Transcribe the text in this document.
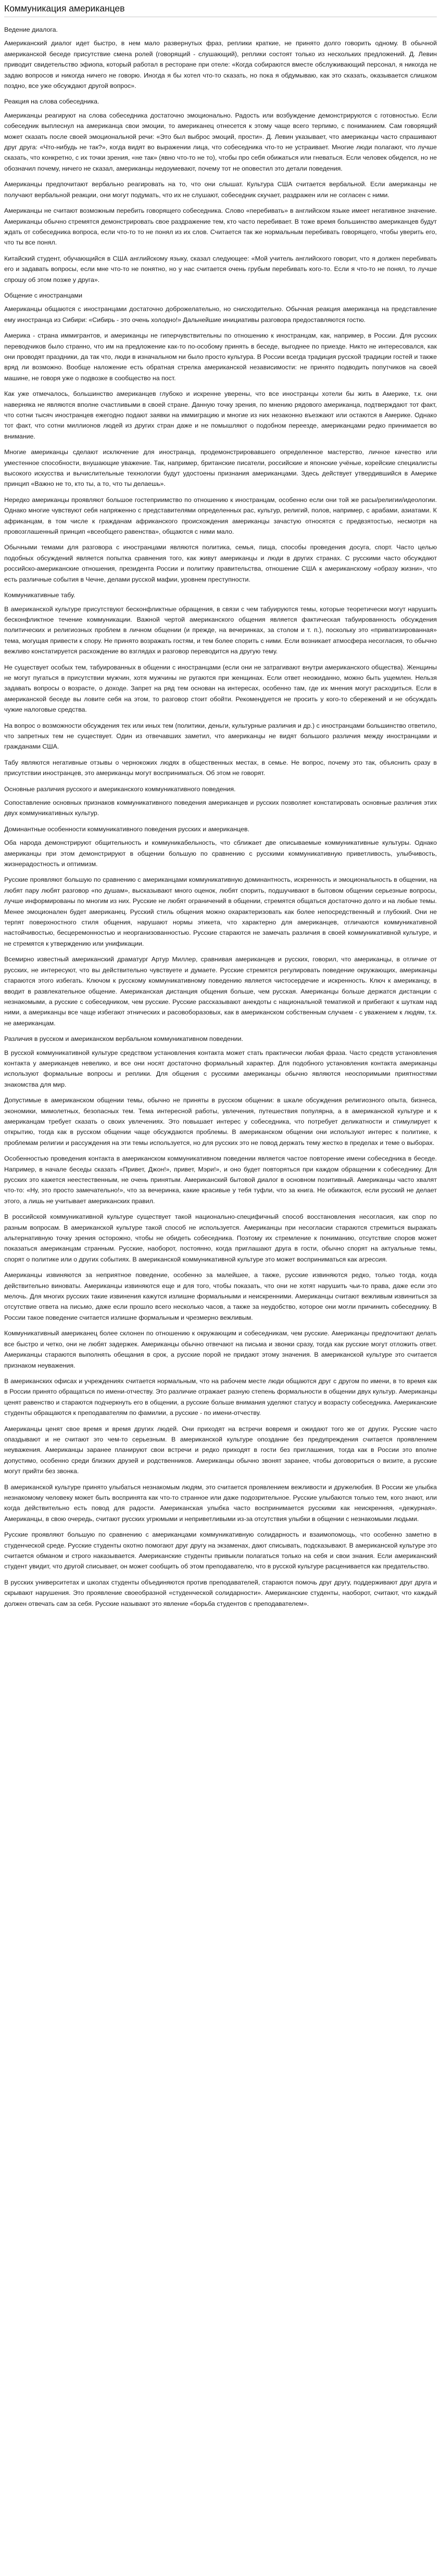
Коммуникация американцев

Ведение диалога.

Американский диалог идет быстро, в нем мало развернутых фраз, реплики краткие, не принято долго говорить одному. В обычной американской беседе присутствие смена ролей (говорящий - слушающий), реплики состоят только из нескольких предложений. Д. Левин приводит свидетельство эфиопа, который работал в ресторане при отеле: «Когда собираются вместе обслуживающий персонал, я никогда не задаю вопросов и никогда ничего не говорю. Иногда я бы хотел что-то сказать, но пока я обдумываю, как это сказать, оказывается слишком поздно, все уже обсуждают другой вопрос».

Реакция на слова собеседника.

Американцы реагируют на слова собеседника достаточно эмоционально. Радость или возбуждение демонстрируются с готовностью. Если собеседник выплеснул на американца свои эмоции, то американец отнесется к этому чаще всего терпимо, с пониманием. Сам говорящий может сказать после своей эмоциональной речи: «Это был выброс эмоций, прости». Д. Левин указывает, что американцы часто спрашивают друг друга: «Что-нибудь не так?», когда видят во выражении лица, что собеседника что-то не устраивает. Многие люди полагают, что лучше сказать, что конкретно, с их точки зрения, «не так» (явно что-то не то), чтобы про себя обижаться или гневаться. Если человек обиделся, но не обозначил почему, ничего не сказал, американцы недоумевают, почему тот не оповестил это детали поведения.

Американцы предпочитают вербально реагировать на то, что они слышат. Культура США считается вербальной. Если американцы не получают вербальной реакции, они могут подумать, что их не слушают, собеседник скучает, раздражен или не согласен с ними.

Американцы не считают возможным перебить говорящего собеседника. Слово «перебивать» в английском языке имеет негативное значение. Американцы обычно стремятся демонстрировать свое раздражение тем, кто часто перебивает. В тоже время большинство американцев будут ждать от собеседника вопроса, если что-то то не понял из их слов. Считается так же нормальным перебивать говорящего, чтобы уверить его, что ты все понял.

Китайский студент, обучающийся в США английскому языку, сказал следующее: «Мой учитель английского говорит, что я должен перебивать его и задавать вопросы, если мне что-то не понятно, но у нас считается очень грубым перебивать кого-то. Если я что-то не понял, то лучше спрошу об этом позже у друга».

Общение с иностранцами

Американцы общаются с иностранцами достаточно доброжелательно, но снисходительно. Обычная реакция американца на представление ему иностранца из Сибири: «Сибирь - это очень холодно!» Дальнейшие инициативы разговора предоставляются гостю.

Америка - страна иммигрантов, и американцы не гиперчувствительны по отношению к иностранцам, как, например, в России. Для русских переводчиков было странно, что им на предложение как-то по-особому принять в беседе, выгоднее по приезде. Никто не интересовался, как они проводят праздники, да так что, люди в изначальном ни было просто культура. В России всегда традиция русской традиции гостей и также вряд ли возможно. Вообще наложение есть обратная стрелка американской независимости: не принято подводить попутчиков на своей машине, не говоря уже о подвозке в сообщество на пост.

Как уже отмечалось, большинство американцев глубоко и искренне уверены, что все иностранцы хотели бы жить в Америке, т.к. они наверняка не являются вполне счастливыми в своей стране. Данную точку зрения, по мнению рядового американца, подтверждают тот факт, что сотни тысяч иностранцев ежегодно подают заявки на иммиграцию и многие из них незаконно въезжают или остаются в Америке. Однако тот факт, что сотни миллионов людей из других стран даже и не помышляют о подобном переезде, американцами редко принимается во внимание.

Многие американцы сделают исключение для иностранца, продемонстрировавшего определенное мастерство, личное качество или уместенное способности, внушающие уважение. Так, например, британские писатели, российские и японские учёные, корейские специалисты высокого искусства и вычислительные технологии будут удостоены признания американцами. Здесь действует утвердившийся в Америке принцип «Важно не то, кто ты, а то, что ты делаешь».

Нередко американцы проявляют большое гостеприимство по отношению к иностранцам, особенно если они той же расы/религии/идеологии. Однако многие чувствуют себя напряженно с представителями определенных рас, культур, религий, полов, например, с арабами, азиатами. К африканцам, в том числе к гражданам африканского происхождения американцы зачастую относятся с предвзятостью, несмотря на провозглашенный принцип «всеобщего равенства», общаются с ними мало.

Обычными темами для разговора с иностранцами являются политика, семья, пища, способы проведения досуга, спорт. Часто целью подобных обсуждений является попытка сравнения того, как живут американцы и люди в других странах. С русскими часто обсуждают российско-американские отношения, президента России и политику правительства, отношение США к американскому «образу жизни», что есть различные события в Чечне, делами русской мафии, уровнем преступности.

Коммуникативные табу.

В американской культуре присутствуют бесконфликтные обращения, в связи с чем табуируются темы, которые теоретически могут нарушить бесконфликтное течение коммуникации. Важной чертой американского общения является фактическая табуированность обсуждения политических и религиозных проблем в личном общении (и прежде, на вечеринках, за столом и т. п.), поскольку это «приватизированная» тема, могущая привести к спору. Не принято возражать гостям, и тем более спорить с ними. Если возникает атмосфера несогласия, то обычно вежливо констатируется расхождение во взглядах и разговор переводится на другую тему.

Не существует особых тем, табуированных в общении с иностранцами (если они не затрагивают внутри американского общества). Женщины не могут пугаться в присутствии мужчин, хотя мужчины не ругаются при женщинах. Если ответ неожиданно, можно быть ущемлен. Нельзя задавать вопросы о возрасте, о доходе. Запрет на ряд тем основан на интересах, особенно там, где их мнения могут расходиться. Если в американской беседе вы ловите себя на этом, то разговор стоит обойти. Рекомендуется не просить у кого-то сбережений и не обсуждать чужие налоговые средства.

На вопрос о возможности обсуждения тех или иных тем (политики, деньги, культурные различия и др.) с иностранцами большинство ответило, что запретных тем не существует. Один из отвечавших заметил, что американцы не видят большого различия между иностранцами и гражданами США.

Табу являются негативные отзывы о чернокожих людях в общественных местах, в семье. Не вопрос, почему это так, объяснить сразу в присутствии иностранцев, это американцы могут восприниматься. Об этом не говорят.

Основные различия русского и американского коммуникативного поведения.

Сопоставление основных признаков коммуникативного поведения американцев и русских позволяет констатировать основные различия этих двух коммуникативных культур.

Доминантные особенности коммуникативного поведения русских и американцев.

Оба народа демонстрируют общительность и коммуникабельность, что сближает две описываемые коммуникативные культуры. Однако американцы при этом демонстрируют в общении большую по сравнению с русскими коммуникативную приветливость, улыбчивость, жизнерадостность и оптимизм.

Русские проявляют большую по сравнению с американцами коммуникативную доминантность, искренность и эмоциональность в общении, на любят пару любят разговор «по душам», высказывают много оценок, любят спорить, подшучивают в бытовом общении серьезные вопросы, лучше информированы по многим из них. Русские не любят ограничений в общении, стремятся общаться достаточно долго и на любые темы. Менее эмоционален будет американец. Русский стиль общения можно охарактеризовать как более непосредственный и глубокий. Они не терпят поверхностного стиля общения, нарушают нормы этикета, что характерно для американцев, отличаются коммуникативной настойчивостью, бесцеремонностью и неорганизованностью. Русские стараются не замечать различия в своей коммуникативной культуре, и не стремятся к утверждению или унификации.

Всемирно известный американский драматург Артур Миллер, сравнивая американцев и русских, говорил, что американцы, в отличие от русских, не интересуют, что вы действительно чувствуете и думаете. Русские стремятся регулировать поведение окружающих, американцы стараются этого избегать. Ключом к русскому коммуникативному поведению является чистосердечие и искренность. Ключ к американцу, в вводит в развлекательное общение. Американская дистанция общения больше, чем русская. Американцы больше держатся дистанции с незнакомыми, а русские с собеседником, чем русские. Русские рассказывают анекдоты с национальной тематикой и прибегают к шуткам над ними, а американцы все чаще избегают этнических и расовоборазовых, как в американском собственным случаем - с уважением к людям, т.к. не американцам.

Различия в русском и американском вербальном коммуникативном поведении.

В русской коммуникативной культуре средством установления контакта может стать практически любая фраза. Часто средств установления контакта у американцев невелико, и все они носят достаточно формальный характер. Для подобного установления контакта американцы используют формальные вопросы и реплики. Для общения с русскими американцы обычно являются неоспоримыми приятностями знакомства для мир.

Допустимые в американском общении темы, обычно не приняты в русском общении: в шкале обсуждения религиозного опыта, бизнеса, экономики, мимолетных, безопасных тем. Тема интересной работы, увлечения, путешествия популярна, а в американской культуре и к американцам требует сказать о своих увлечениях. Это повышает интерес у собеседника, что потребует деликатности и стимулирует к открытию, тогда как в русском общении чаще обсуждаются проблемы. В американском общении они используют интерес к политике, к проблемам религии и рассуждения на эти темы используется, но для русских это не повод держать тему жестко в пределах и теме о выборах.

Особенностью проведения контакта в американском коммуникативном поведении является частое повторение имени собеседника в беседе. Например, в начале беседы сказать «Привет, Джон!», привет, Мэри!», и оно будет повторяться при каждом обращении к собеседнику. Для русских это кажется неестественным, не очень принятым. Американский бытовой диалог в основном позитивный. Американцы часто хвалят что-то: «Ну, это просто замечательно!», что за вечеринка, какие красивые у тебя туфли, что за книга. Не обижаются, если русский не делает этого, а лишь не учитывает американских правил.

В российской коммуникативной культуре существует такой национально-специфичный способ восстановления несогласия, как спор по разным вопросам. В американской культуре такой способ не используется. Американцы при несогласии стараются стремиться выражать альтернативную точку зрения осторожно, чтобы не обидеть собеседника. Поэтому их стремление к пониманию, отсутствие споров может показаться американцам странным. Русские, наоборот, постоянно, когда приглашают друга в гости, обычно спорят на актуальные темы, спорят о политике или о других событиях. В американской коммуникативной культуре это может восприниматься как агрессия.

Американцы извиняются за неприятное поведение, особенно за малейшее, а также, русские извиняются редко, только тогда, когда действительно виноваты. Американцы извиняются еще и для того, чтобы показать, что они не хотят нарушить чьи-то права, даже если это мелочь. Для многих русских такие извинения кажутся излишне формальными и неискренними. Американцы считают вежливым извиниться за отсутствие ответа на письмо, даже если прошло всего несколько часов, а также за неудобство, которое они могли причинить собеседнику. В России такое поведение считается излишне формальным и чрезмерно вежливым.

Коммуникативный американец более склонен по отношению к окружающим и собеседникам, чем русские. Американцы предпочитают делать все быстро и четко, они не любят задержек. Американцы обычно отвечают на письма и звонки сразу, тогда как русские могут отложить ответ. Американцы стараются выполнять обещания в срок, а русские порой не придают этому значения. В американской культуре это считается признаком неуважения.

В американских офисах и учреждениях считается нормальным, что на рабочем месте люди общаются друг с другом по имени, в то время как в России принято обращаться по имени-отчеству. Это различие отражает разную степень формальности в общении двух культур. Американцы ценят равенство и стараются подчеркнуть его в общении, а русские больше внимания уделяют статусу и возрасту собеседника. Американские студенты обращаются к преподавателям по фамилии, а русские - по имени-отчеству.

Американцы ценят свое время и время других людей. Они приходят на встречи вовремя и ожидают того же от других. Русские часто опаздывают и не считают это чем-то серьезным. В американской культуре опоздание без предупреждения считается проявлением неуважения. Американцы заранее планируют свои встречи и редко приходят в гости без приглашения, тогда как в России это вполне допустимо, особенно среди близких друзей и родственников. Американцы обычно звонят заранее, чтобы договориться о визите, а русские могут прийти без звонка.

В американской культуре принято улыбаться незнакомым людям, это считается проявлением вежливости и дружелюбия. В России же улыбка незнакомому человеку может быть воспринята как что-то странное или даже подозрительное. Русские улыбаются только тем, кого знают, или когда действительно есть повод для радости. Американская улыбка часто воспринимается русскими как неискренняя, «дежурная». Американцы, в свою очередь, считают русских угрюмыми и неприветливыми из-за отсутствия улыбки в общении с незнакомыми людьми.

Русские проявляют большую по сравнению с американцами коммуникативную солидарность и взаимопомощь, что особенно заметно в студенческой среде. Русские студенты охотно помогают друг другу на экзаменах, дают списывать, подсказывают. В американской культуре это считается обманом и строго наказывается. Американские студенты привыкли полагаться только на себя и свои знания. Если американский студент увидит, что другой списывает, он может сообщить об этом преподавателю, что в русской культуре расценивается как предательство.

В русских университетах и школах студенты объединяются против преподавателей, стараются помочь друг другу, поддерживают друг друга и скрывают нарушения. Это проявление своеобразной «студенческой солидарности». Американские студенты, наоборот, считают, что каждый должен отвечать сам за себя. Русские называют это явление «борьба студентов с преподавателем».
